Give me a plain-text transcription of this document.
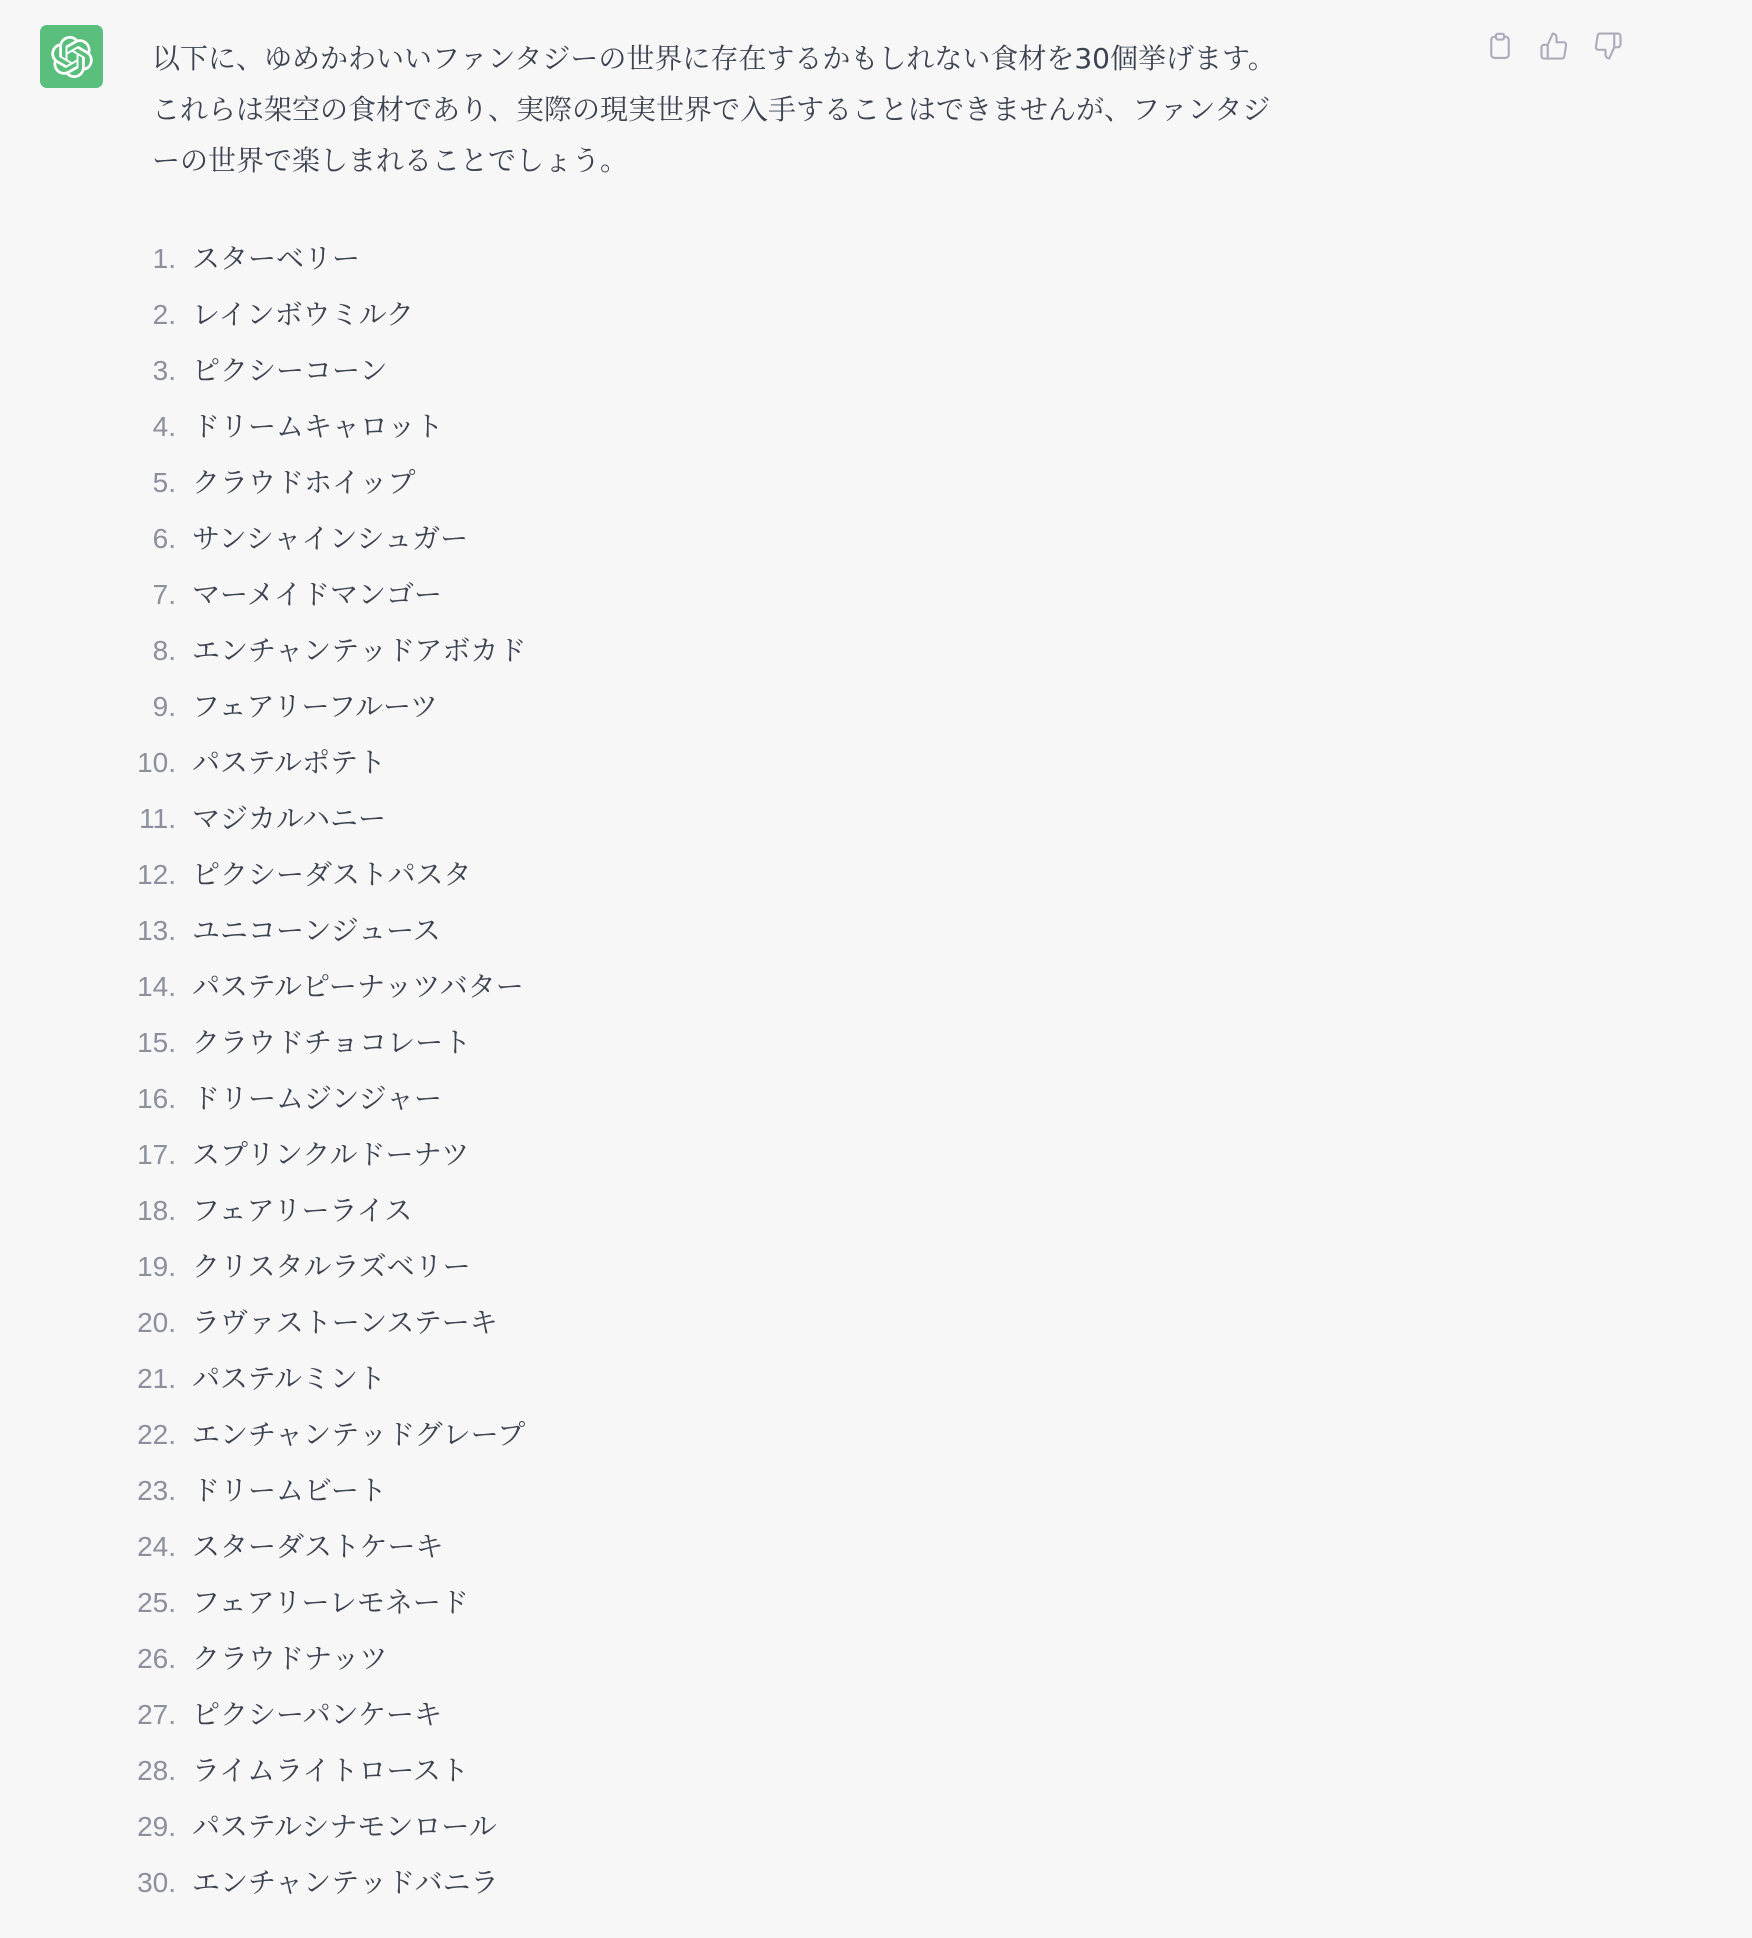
以下に、ゆめかわいいファンタジーの世界に存在するかもしれない食材を30個挙げます。
これらは架空の食材であり、実際の現実世界で入手することはできませんが、ファンタジ
ーの世界で楽しまれることでしょう。

1. スターベリー
2. レインボウミルク
3. ピクシーコーン
4. ドリームキャロット
5. クラウドホイップ
6. サンシャインシュガー
7. マーメイドマンゴー
8. エンチャンテッドアボカド
9. フェアリーフルーツ
10. パステルポテト
11. マジカルハニー
12. ピクシーダストパスタ
13. ユニコーンジュース
14. パステルピーナッツバター
15. クラウドチョコレート
16. ドリームジンジャー
17. スプリンクルドーナツ
18. フェアリーライス
19. クリスタルラズベリー
20. ラヴァストーンステーキ
21. パステルミント
22. エンチャンテッドグレープ
23. ドリームビート
24. スターダストケーキ
25. フェアリーレモネード
26. クラウドナッツ
27. ピクシーパンケーキ
28. ライムライトロースト
29. パステルシナモンロール
30. エンチャンテッドバニラ
